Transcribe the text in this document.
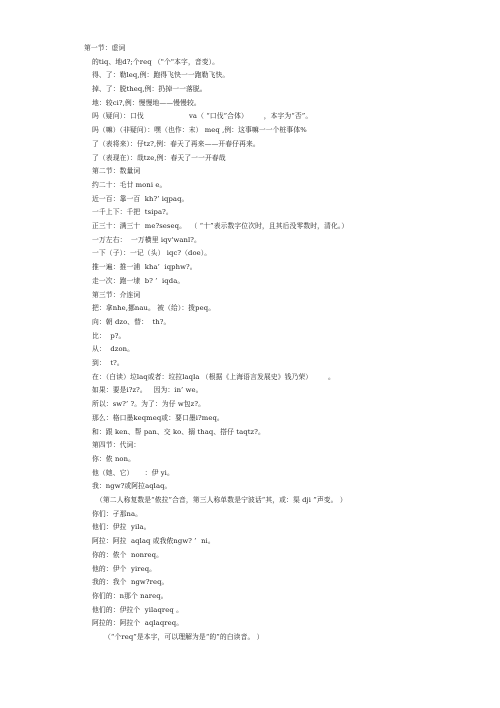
第一节：虚词
的tiq、地d?;个req （"个"本字，音变）。
得、了：勒leq,例：跑得飞快一一跑勒飞快。
掉、了：脱theq,例：扔掉一一落脱。
地：较ci?,例：慢慢地——慢慢较。
吗（疑问）：口伐                    va（ “口伐”合体）       ，本字为“否”。
吗（嘛）（非疑问）：嘿（也作：末） meq ,例：这事嘛一一个桩事体%
了（表将来）：仔tz?,例：春天了再来——开春仔再来。
了（表现在）：哉tze,例：春天了一一开春哉
第二节：数量词
约二十：毛廿 moni e。
近一百：靠一百  kh?’ iqpaq。
一千上下：千把  tsipa?。
正三十：满三十  me?seseq。  （ “十”表示数字位次时，且其后没零数时，清化。）
一万左右：  一万横里 iqv'wanl?。
一下（子）：一记（头） iqc?（doe）。
推一遍：推一浦  kha’  iqphw?。
走一次：跑一埭  b? ’  iqda。
第三节：介连词
把：拿nhe,挪nau。 被（给）：拨peq。
向：朝 dzo、替：  th?。
比：  p?。
从：  dzon。
到：  t?。
在：（白读）垃laq或者：垃拉laqla （根据《上海语言发展史》钱乃荣）       。
如果：要是i?z?。   因为：in’ wе。
所以：sw?’ ?。为了：为仔 w包z?。
那么：格口墨keqmeq或：要口墨i?meq。
和：跟 ken、帮 pan、交 ko、搦 thaq、搭仔 taqtz?。
第四节：代词：
你：侬 non。
他（她、它）     ：伊 yi。
我：ngw?或阿拉aqlaq。
（第二人称复数是“侬拉”合音，第三人称单数是宁波话“其，或：渠 dji ”声变。 ）
你们：孑那na。
他们：伊拉  yila。
阿拉：阿拉  aqlaq 或我侬ngw? ’  ni。
你的：侬个  nonreq。
他的：伊个  yireq。
我的：我个  ngw?req。
你们的：n那个 nareq。
他们的：伊拉个  yilaqreq 。
阿拉的：阿拉个  aqlaqreq。
（“个req”是本字，可以理解为是“的”的白读音。 ）
